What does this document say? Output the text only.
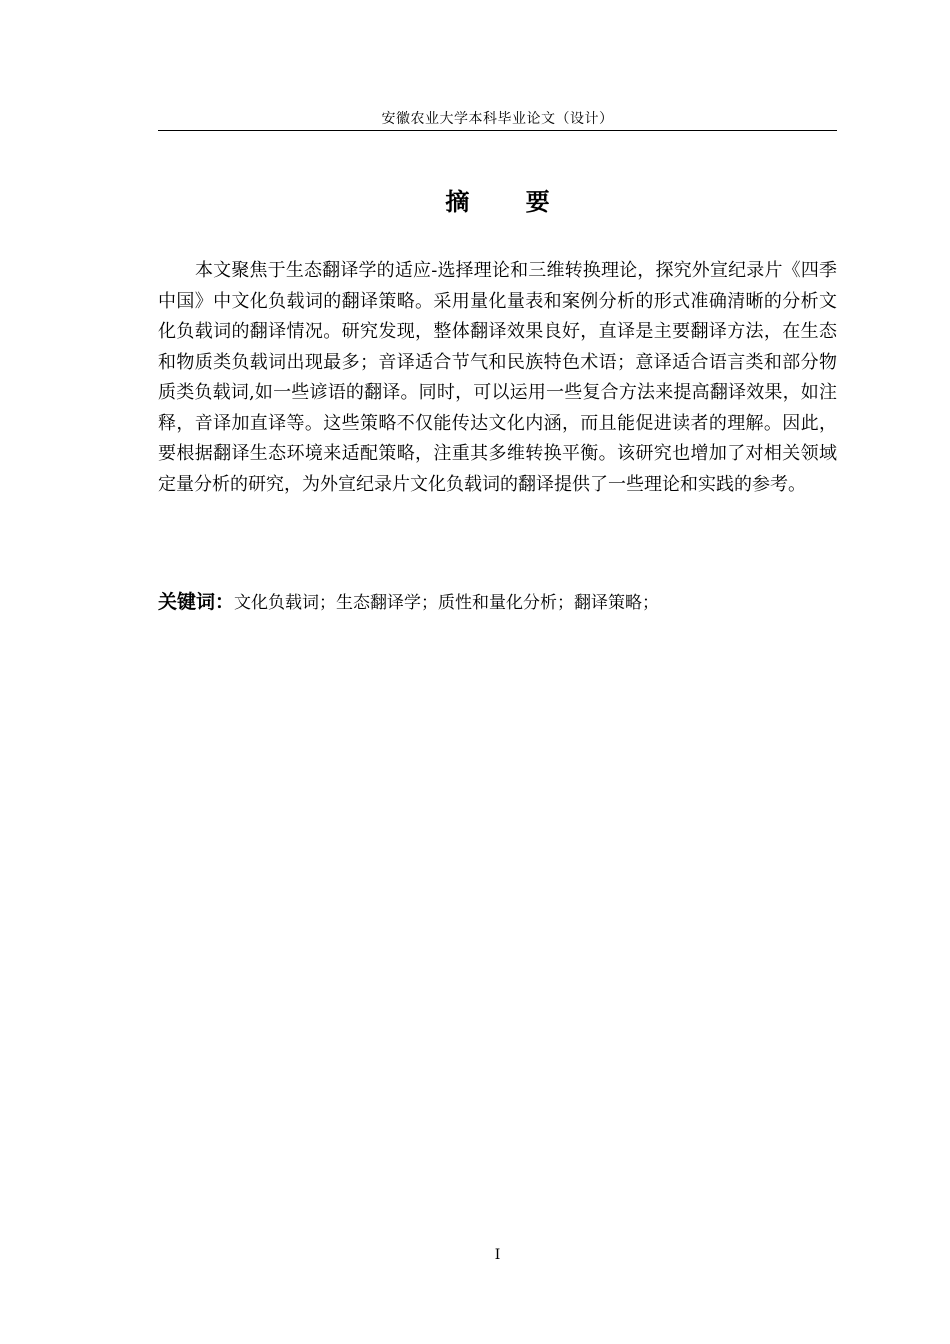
安徽农业大学本科毕业论文（设计）
摘 要

本文聚焦于生态翻译学的适应-选择理论和三维转换理论，探究外宣纪录片《四季中国》中文化负载词的翻译策略。采用量化量表和案例分析的形式准确清晰的分析文化负载词的翻译情况。研究发现，整体翻译效果良好，直译是主要翻译方法，在生态和物质类负载词出现最多；音译适合节气和民族特色术语；意译适合语言类和部分物质类负载词,如一些谚语的翻译。同时，可以运用一些复合方法来提高翻译效果，如注释，音译加直译等。这些策略不仅能传达文化内涵，而且能促进读者的理解。因此，要根据翻译生态环境来适配策略，注重其多维转换平衡。该研究也增加了对相关领域定量分析的研究，为外宣纪录片文化负载词的翻译提供了一些理论和实践的参考。

关键词：文化负载词；生态翻译学；质性和量化分析；翻译策略；
I
